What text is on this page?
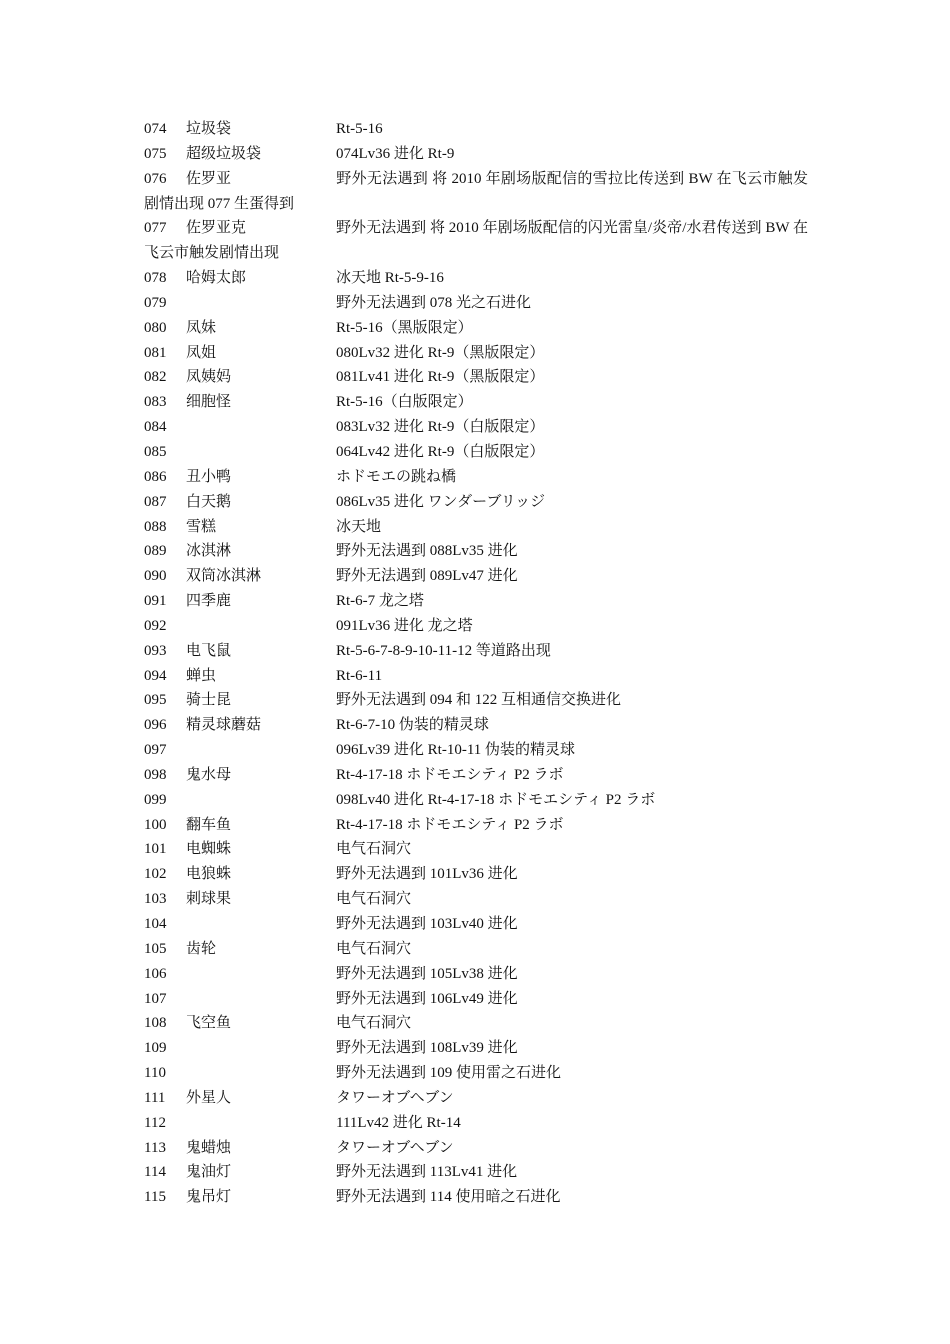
074 垃圾袋	Rt-5-16
075 超级垃圾袋	074Lv36 进化 Rt-9
076 佐罗亚	野外无法遇到 将 2010 年剧场版配信的雪拉比传送到 BW 在飞云市触发剧情出现 077 生蛋得到
077 佐罗亚克	野外无法遇到 将 2010 年剧场版配信的闪光雷皇/炎帝/水君传送到 BW 在飞云市触发剧情出现
078 哈姆太郎	冰天地 Rt-5-9-16
079	野外无法遇到 078 光之石进化
080 凤妹	Rt-5-16（黑版限定）
081 凤姐	080Lv32 进化 Rt-9（黑版限定）
082 凤姨妈	081Lv41 进化 Rt-9（黑版限定）
083 细胞怪	Rt-5-16（白版限定）
084	083Lv32 进化 Rt-9（白版限定）
085	064Lv42 进化 Rt-9（白版限定）
086 丑小鸭	ホドモエの跳ね橋
087 白天鹅	086Lv35 进化 ワンダーブリッジ
088 雪糕	冰天地
089 冰淇淋	野外无法遇到 088Lv35 进化
090 双筒冰淇淋	野外无法遇到 089Lv47 进化
091 四季鹿	Rt-6-7 龙之塔
092	091Lv36 进化 龙之塔
093 电飞鼠	Rt-5-6-7-8-9-10-11-12 等道路出现
094 蝉虫	Rt-6-11
095 骑士昆	野外无法遇到 094 和 122 互相通信交换进化
096 精灵球蘑菇	Rt-6-7-10 伪装的精灵球
097	096Lv39 进化 Rt-10-11 伪装的精灵球
098 鬼水母	Rt-4-17-18 ホドモエシティ P2 ラボ
099	098Lv40 进化 Rt-4-17-18 ホドモエシティ P2 ラボ
100 翻车鱼	Rt-4-17-18 ホドモエシティ P2 ラボ
101 电蜘蛛	电气石洞穴
102 电狼蛛	野外无法遇到 101Lv36 进化
103 刺球果	电气石洞穴
104	野外无法遇到 103Lv40 进化
105 齿轮	电气石洞穴
106	野外无法遇到 105Lv38 进化
107	野外无法遇到 106Lv49 进化
108 飞空鱼	电气石洞穴
109	野外无法遇到 108Lv39 进化
110	野外无法遇到 109 使用雷之石进化
111 外星人	タワーオブヘブン
112	111Lv42 进化 Rt-14
113 鬼蜡烛	タワーオブヘブン
114 鬼油灯	野外无法遇到 113Lv41 进化
115 鬼吊灯	野外无法遇到 114 使用暗之石进化
